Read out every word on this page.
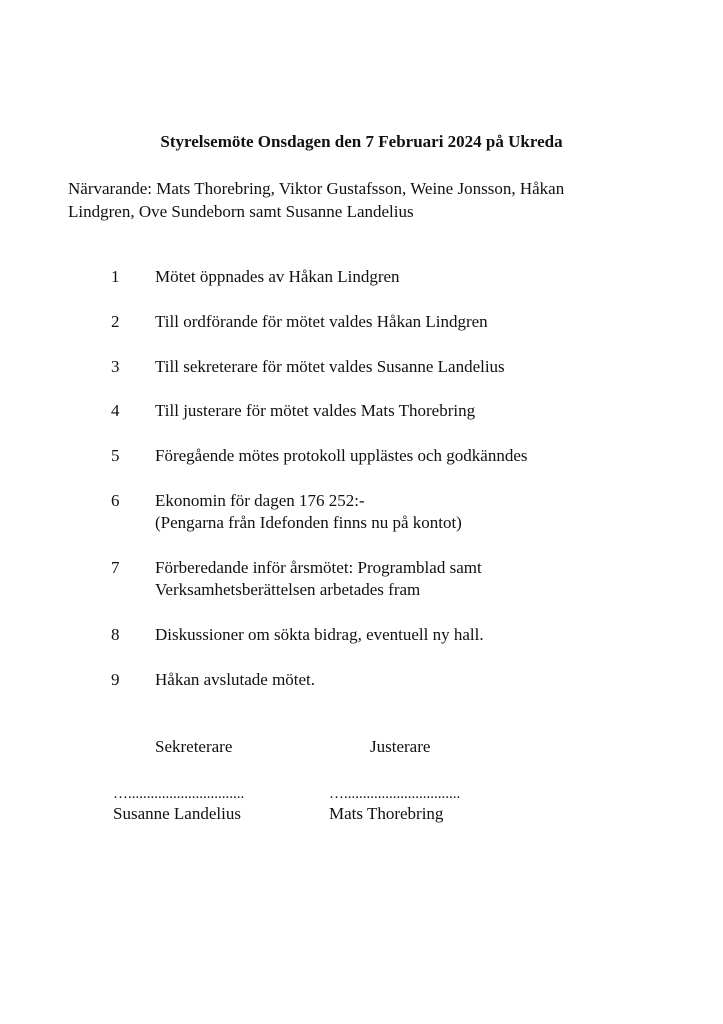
Styrelsemöte Onsdagen den 7 Februari 2024 på Ukreda
Närvarande: Mats Thorebring, Viktor Gustafsson, Weine Jonsson, Håkan
Lindgren, Ove Sundeborn samt Susanne Landelius
1 Mötet öppnades av Håkan Lindgren
2 Till ordförande för mötet valdes Håkan Lindgren
3 Till sekreterare för mötet valdes Susanne Landelius
4 Till justerare för mötet valdes Mats Thorebring
5 Föregående mötes protokoll upplästes och godkänndes
6 Ekonomin för dagen 176 252:-
(Pengarna från Idefonden finns nu på kontot)
7 Förberedande inför årsmötet: Programblad samt
Verksamhetsberättelsen arbetades fram
8 Diskussioner om sökta bidrag, eventuell ny hall.
9 Håkan avslutade mötet.
Sekreterare	Justerare
…...............................	…...............................
Susanne Landelius	Mats Thorebring
